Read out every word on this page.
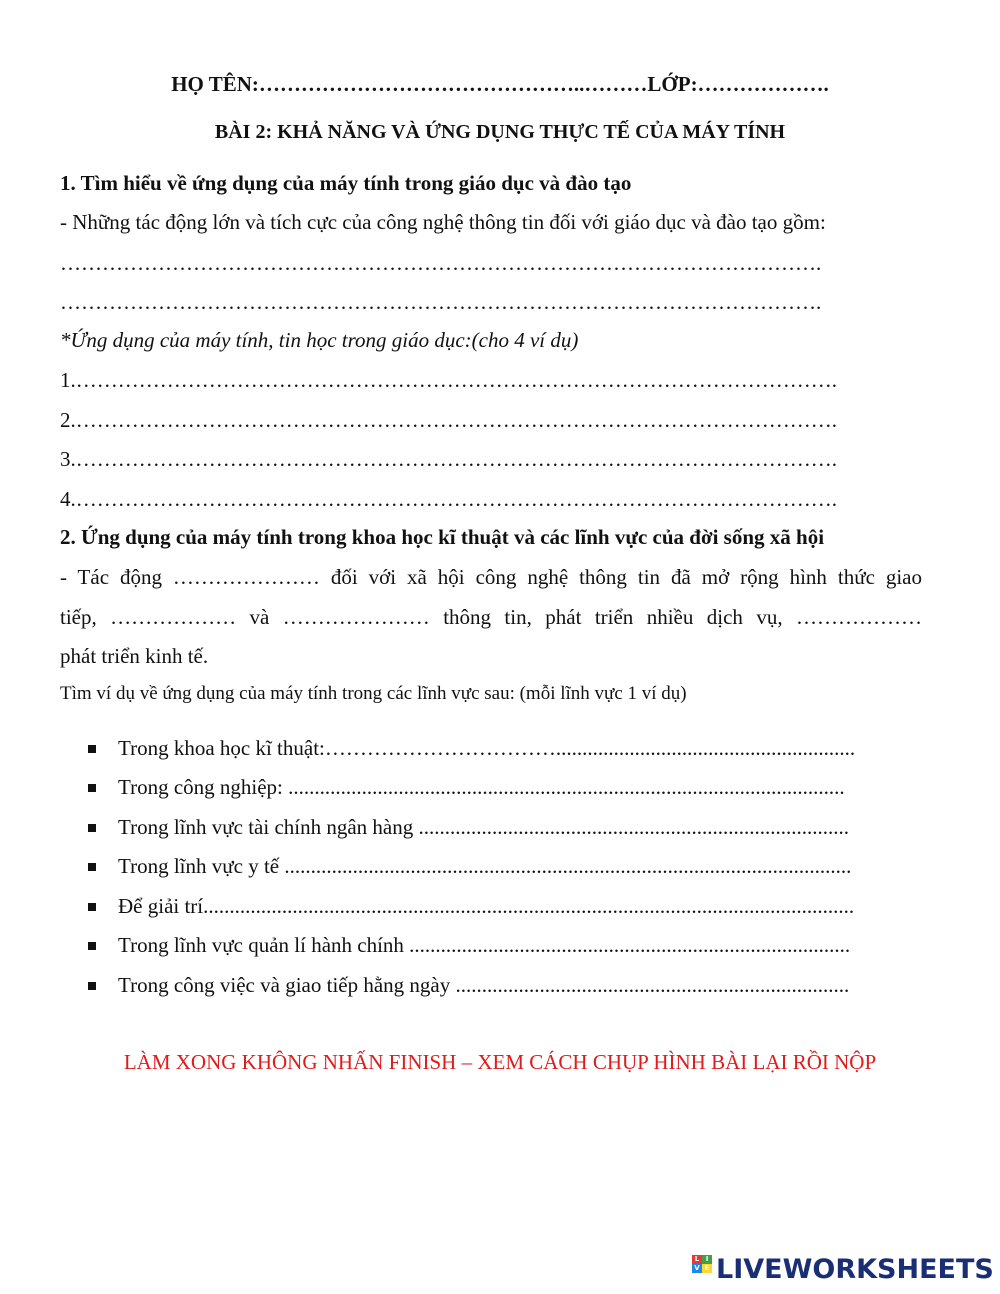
HỌ TÊN:………………………………………..………LỚP:……………….
BÀI 2: KHẢ NĂNG VÀ ỨNG DỤNG THỰC TẾ CỦA MÁY TÍNH
1. Tìm hiểu về ứng dụng của máy tính trong giáo dục và đào tạo
- Những tác động lớn và tích cực của công nghệ thông tin đối với giáo dục và đào tạo gồm:
……………………………………………………………………………………………….
……………………………………………………………………………………………….
*Ứng dụng của máy tính, tin học trong giáo dục:(cho 4 ví dụ)
1.……………………………………………………………………………………………….
2.……………………………………………………………………………………………….
3.……………………………………………………………………………………………….
4.……………………………………………………………………………………………….
2. Ứng dụng của máy tính trong khoa học kĩ thuật và các lĩnh vực của đời sống xã hội
- Tác động ………………… đối với xã hội công nghệ thông tin đã mở rộng hình thức giao
tiếp, ……………… và ………………… thông tin, phát triển nhiều dịch vụ, ………………
phát triển kinh tế.
Tìm ví dụ về ứng dụng của máy tính trong các lĩnh vực sau: (mỗi lĩnh vực 1 ví dụ)
Trong khoa học kĩ thuật:…………………………….........................................................
Trong công nghiệp: ..........................................................................................................
Trong lĩnh vực tài chính ngân hàng ..................................................................................
Trong lĩnh vực y tế ............................................................................................................
Để giải trí............................................................................................................................
Trong lĩnh vực quản lí hành chính ....................................................................................
Trong công việc và giao tiếp hằng ngày ...........................................................................
LÀM XONG KHÔNG NHẤN FINISH – XEM CÁCH CHỤP HÌNH BÀI LẠI RỒI NỘP
L I
V E LIVEWORKSHEETS
